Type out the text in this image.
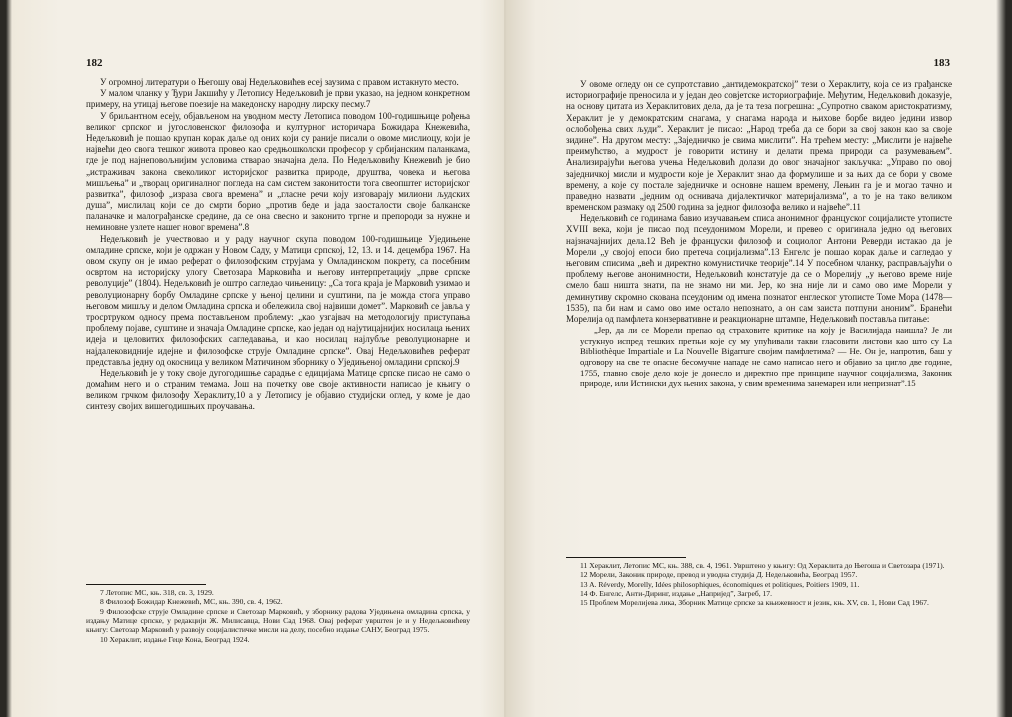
182

У огромној литератури о Његошу овај Недељковићев есеј заузима с правом истакнуто место.

У малом чланку у Ђури Јакшићу у Летопису Недељковић је први указао, на једном конкретном примеру, на утицај његове поезије на македонску народну лирску песму.7

У бриљантном есеју, објављеном на уводном месту Летописа поводом 100-годишњице рођења великог српског и југословенског филозофа и културног историчара Божидара Кнежевића, Недељковић је пошао крупан корак даље од оних који су раније писали о овоме мислиоцу, који је највећи део свога тешког живота провео као средњошколски професор у србијанским паланкама, где је под најнеповољнијим условима стварао значајна дела. По Недељковићу Кнежевић је био „истраживач закона свеколиког историјског развитка природе, друштва, човека и његова мишљења” и „творац оригиналног погледа на сам систем законитости тога свеопштег историјског развитка”, филозоф „израза свога времена” и „гласне речи коју изговарају милиони људских душа”, мислилац који се до смрти борио „против беде и јада заосталости своје балканске паланачке и малограђанске средине, да се она свесно и законито тргне и препороди за нужне и неминовне узлете нашег новог времена”.8

Недељковић је учествовао и у раду научног скупа поводом 100-годишњице Уједињене омладине српске, који је одржан у Новом Саду, у Матици српској, 12, 13. и 14. децембра 1967. На овом скупу он је имао реферат о филозофским струјама у Омладинском покрету, са посебним освртом на историјску улогу Светозара Марковића и његову интерпретацију „прве српске револуције” (1804). Недељковић је оштро сагледао чињеницу: „Са тога краја је Марковић узимао и револуционарну борбу Омладине српске у њеној целини и суштини, па је можда стога управо његовом мишљу и делом Омладина српска и обележила свој највиши домет”. Марковић се јавља у тросртруком односу према постављеном проблему: „као узгајвач на методологију приступања проблему појаве, суштине и значаја Омладине српске, као један од најутицајнијих носилаца њених идеја и целовитих филозофских сагледавања, и као носилац најлубље револуционарне и најдалековидније идејне и филозофске струје Омладине српске”. Овај Недељковићев реферат представља једну од окосница у великом Матичином зборнику о Уједињеној омладини српској.9

Недељковић је у току своје дугогодишње сарадње с едицијама Матице српске писао не само о домаћим него и о страним темама. Још на почетку ове своје активности написао је књигу о великом грчком филозофу Хераклиту,10 а у Летопису је објавио студијски оглед, у коме је дао синтезу својих вишегодишњих проучавања.

7 Летопис МС, књ. 318, св. 3, 1929.

8 Филозоф Божидар Кнежевић, МС, књ. 390, св. 4, 1962.

9 Филозофске струје Омладине српске и Светозар Марковић, у зборнику радова Уједињена омладина српска, у издању Матице српске, у редакцији Ж. Милисавца, Нови Сад 1968. Овај реферат уврштен је и у Недељковићеву књигу: Светозар Марковић у развоју социјалистичке мисли на делу, посебно издање САНУ, Београд 1975.

10 Хераклит, издање Геце Кона, Београд 1924.

183

У овоме огледу он се супротставио „антидемократској” тези о Хераклиту, која се из грађанске историографије преносила и у један део совјетске историографије. Међутим, Недељковић доказује, на основу цитата из Хераклитових дела, да је та теза погрешна: „Супротно сваком аристократизму, Хераклит је у демократским снагама, у снагама народа и њихове борбе видео једини извор ослобођења свих људи”. Хераклит је писао: „Народ треба да се бори за свој закон као за своје зидине”. На другом месту: „Заједничко је свима мислити”. На трећем месту: „Мислити је највеће преимућство, а мудрост је говорити истину и делати према природи са разумевањем”. Анализирајући његова учења Недељковић долази до овог значајног закључка: „Управо по овој заједничкој мисли и мудрости које је Хераклит знао да формулише и за њих да се бори у своме времену, а које су постале заједничке и основне нашем времену, Лењин га је и могао тачно и праведно назвати „једним од оснивача дијалектичког материјализма”, а то је на тако великом временском размаку од 2500 година за једног филозофа велико и највеће”.11

Недељковић се годинама бавио изучавањем списа анонимног француског социјалисте утописте XVIII века, који је писао под псеудонимом Морели, и превео с оригинала једно од његових најзначајнијих дела.12 Већ је француски филозоф и социолог Антони Реверди истакао да је Морели „у својој епоси био претеча социјализма”.13 Енгелс је пошао корак даље и сагледао у његовим списима „већ и директно комунистичке теорије”.14 У посебном чланку, расправљајући о проблему његове анонимности, Недељковић констатује да се о Морелију „у његово време није смело баш ништа знати, па не знамо ни ми. Јер, ко зна није ли и само ово име Морели у деминутиву скромно скована псеудоним од имена познатог енглеског утописте Томе Мора (1478—1535), па би нам и само ово име остало непознато, а он сам заиста потпуни аноним”. Бранећи Морелија од памфлета конзервативне и реакционарне штампе, Недељковић поставља питање:

„Јер, да ли се Морели препао од страховите критике на коју је Василијада наишла? Је ли устукнуо испред тешких претњи које су му упућивали такви гласовити листови као што су La Bibliothèque Impartiale и La Nouvelle Bigarrure својим памфлетима? — Не. Он је, напротив, баш у одговору на све те опасне бесомучне нападе не само написао него и објавио за цигло две године, 1755, главно своје дело које је донесло и директно пре принципе научног социјализма, Законик природе, или Истински дух њених закона, у свим временима занемарен или непризнат”.15

11 Хераклит, Летопис МС, књ. 388, св. 4, 1961. Уврштено у књигу: Од Хераклита до Његоша и Светозара (1971).

12 Морели, Законик природе, превод и уводна студија Д. Недељковића, Београд 1957.

13 A. Réverdy, Morelly, Idées philosophiques, économiques et politiques, Poitiers 1909, 11.

14 Ф. Енгелс, Анти-Диринг, издање „Напријед”, Загреб, 17.

15 Проблем Морелијева лика, Зборник Матице српске за књижевност и језик, књ. XV, св. 1, Нови Сад 1967.
